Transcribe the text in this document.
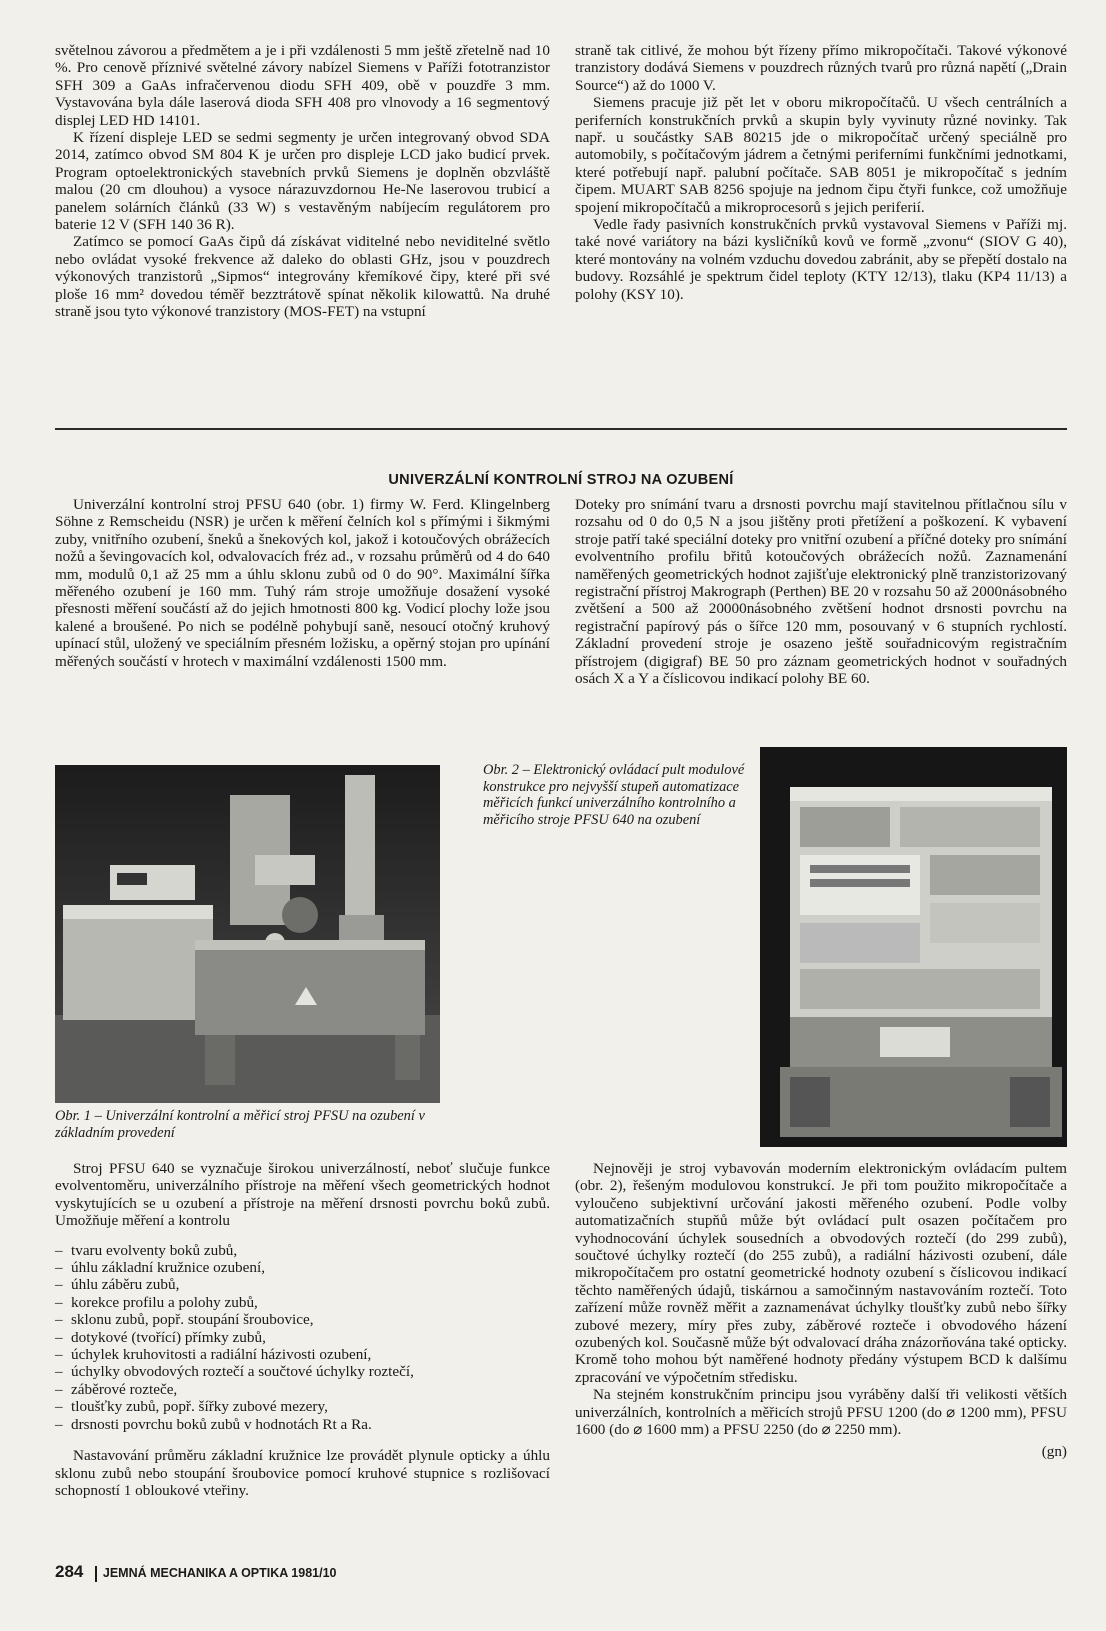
světelnou závorou a předmětem a je i při vzdálenosti 5 mm ještě zřetelně nad 10 %. Pro cenově příznivé světelné závory nabízel Siemens v Paříži fototranzistor SFH 309 a GaAs infračervenou diodu SFH 409, obě v pouzdře 3 mm. Vystavována byla dále laserová dioda SFH 408 pro vlnovody a 16 segmentový displej LED HD 14101.

K řízení displeje LED se sedmi segmenty je určen integrovaný obvod SDA 2014, zatímco obvod SM 804 K je určen pro displeje LCD jako budicí prvek. Program optoelektronických stavebních prvků Siemens je doplněn obzvláště malou (20 cm dlouhou) a vysoce nárazuvzdornou He-Ne laserovou trubicí a panelem solárních článků (33 W) s vestavěným nabíjecím regulátorem pro baterie 12 V (SFH 140 36 R).

Zatímco se pomocí GaAs čipů dá získávat viditelné nebo neviditelné světlo nebo ovládat vysoké frekvence až daleko do oblasti GHz, jsou v pouzdrech výkonových tranzistorů „Sipmos“ integrovány křemíkové čipy, které při své ploše 16 mm² dovedou téměř bezztrátově spínat několik kilowattů. Na druhé straně jsou tyto výkonové tranzistory (MOS-FET) na vstupní

straně tak citlivé, že mohou být řízeny přímo mikropočítači. Takové výkonové tranzistory dodává Siemens v pouzdrech různých tvarů pro různá napětí („Drain Source“) až do 1000 V.

Siemens pracuje již pět let v oboru mikropočítačů. U všech centrálních a periferních konstrukčních prvků a skupin byly vyvinuty různé novinky. Tak např. u součástky SAB 80215 jde o mikropočítač určený speciálně pro automobily, s počítačovým jádrem a četnými periferními funkčními jednotkami, které potřebují např. palubní počítače. SAB 8051 je mikropočítač s jedním čipem. MUART SAB 8256 spojuje na jednom čipu čtyři funkce, což umožňuje spojení mikropočítačů a mikroprocesorů s jejich periferií.

Vedle řady pasivních konstrukčních prvků vystavoval Siemens v Paříži mj. také nové variátory na bázi kysličníků kovů ve formě „zvonu“ (SIOV G 40), které montovány na volném vzduchu dovedou zabránit, aby se přepětí dostalo na budovy. Rozsáhlé je spektrum čidel teploty (KTY 12/13), tlaku (KP4 11/13) a polohy (KSY 10).

UNIVERZÁLNÍ KONTROLNÍ STROJ NA OZUBENÍ

Univerzální kontrolní stroj PFSU 640 (obr. 1) firmy W. Ferd. Klingelnberg Söhne z Remscheidu (NSR) je určen k měření čelních kol s přímými i šikmými zuby, vnitřního ozubení, šneků a šnekových kol, jakož i kotoučových obrážecích nožů a ševingovacích kol, odvalovacích fréz ad., v rozsahu průměrů od 4 do 640 mm, modulů 0,1 až 25 mm a úhlu sklonu zubů od 0 do 90°. Maximální šířka měřeného ozubení je 160 mm. Tuhý rám stroje umožňuje dosažení vysoké přesnosti měření součástí až do jejich hmotnosti 800 kg. Vodicí plochy lože jsou kalené a broušené. Po nich se podélně pohybují saně, nesoucí otočný kruhový upínací stůl, uložený ve speciálním přesném ložisku, a opěrný stojan pro upínání měřených součástí v hrotech v maximální vzdálenosti 1500 mm.

Doteky pro snímání tvaru a drsnosti povrchu mají stavitelnou přítlačnou sílu v rozsahu od 0 do 0,5 N a jsou jištěny proti přetížení a poškození. K vybavení stroje patří také speciální doteky pro vnitřní ozubení a příčné doteky pro snímání evolventního profilu břitů kotoučových obrážecích nožů. Zaznamenání naměřených geometrických hodnot zajišťuje elektronický plně tranzistorizovaný registrační přístroj Makrograph (Perthen) BE 20 v rozsahu 50 až 2000násobného zvětšení a 500 až 20000násobného zvětšení hodnot drsnosti povrchu na registrační papírový pás o šířce 120 mm, posouvaný v 6 stupních rychlostí. Základní provedení stroje je osazeno ještě souřadnicovým registračním přístrojem (digigraf) BE 50 pro záznam geometrických hodnot v souřadných osách X a Y a číslicovou indikací polohy BE 60.

Obr. 1 – Univerzální kontrolní a měřicí stroj PFSU na ozubení v základním provedení
Obr. 2 – Elektronický ovládací pult modulové konstrukce pro nejvyšší stupeň automatizace měřicích funkcí univerzálního kontrolního a měřicího stroje PFSU 640 na ozubení

Stroj PFSU 640 se vyznačuje širokou univerzálností, neboť slučuje funkce evolventoměru, univerzálního přístroje na měření všech geometrických hodnot vyskytujících se u ozubení a přístroje na měření drsnosti povrchu boků zubů. Umožňuje měření a kontrolu

– tvaru evolventy boků zubů,
– úhlu základní kružnice ozubení,
– úhlu záběru zubů,
– korekce profilu a polohy zubů,
– sklonu zubů, popř. stoupání šroubovice,
– dotykové (tvořící) přímky zubů,
– úchylek kruhovitosti a radiální házivosti ozubení,
– úchylky obvodových roztečí a součtové úchylky roztečí,
– záběrové rozteče,
– tloušťky zubů, popř. šířky zubové mezery,
– drsnosti povrchu boků zubů v hodnotách Rt a Ra.

Nastavování průměru základní kružnice lze provádět plynule opticky a úhlu sklonu zubů nebo stoupání šroubovice pomocí kruhové stupnice s rozlišovací schopností 1 obloukové vteřiny.

Nejnověji je stroj vybavován moderním elektronickým ovládacím pultem (obr. 2), řešeným modulovou konstrukcí. Je při tom použito mikropočítače a vyloučeno subjektivní určování jakosti měřeného ozubení. Podle volby automatizačních stupňů může být ovládací pult osazen počítačem pro vyhodnocování úchylek sousedních a obvodových roztečí (do 299 zubů), součtové úchylky roztečí (do 255 zubů), a radiální házivosti ozubení, dále mikropočítačem pro ostatní geometrické hodnoty ozubení s číslicovou indikací těchto naměřených údajů, tiskárnou a samočinným nastavováním roztečí. Toto zařízení může rovněž měřit a zaznamenávat úchylky tloušťky zubů nebo šířky zubové mezery, míry přes zuby, záběrové rozteče i obvodového házení ozubených kol. Současně může být odvalovací dráha znázorňována také opticky. Kromě toho mohou být naměřené hodnoty předány výstupem BCD k dalšímu zpracování ve výpočetním středisku.

Na stejném konstrukčním principu jsou vyráběny další tři velikosti větších univerzálních, kontrolních a měřicích strojů PFSU 1200 (do ⌀ 1200 mm), PFSU 1600 (do ⌀ 1600 mm) a PFSU 2250 (do ⌀ 2250 mm).

(gn)
284 JEMNÁ MECHANIKA A OPTIKA 1981/10
